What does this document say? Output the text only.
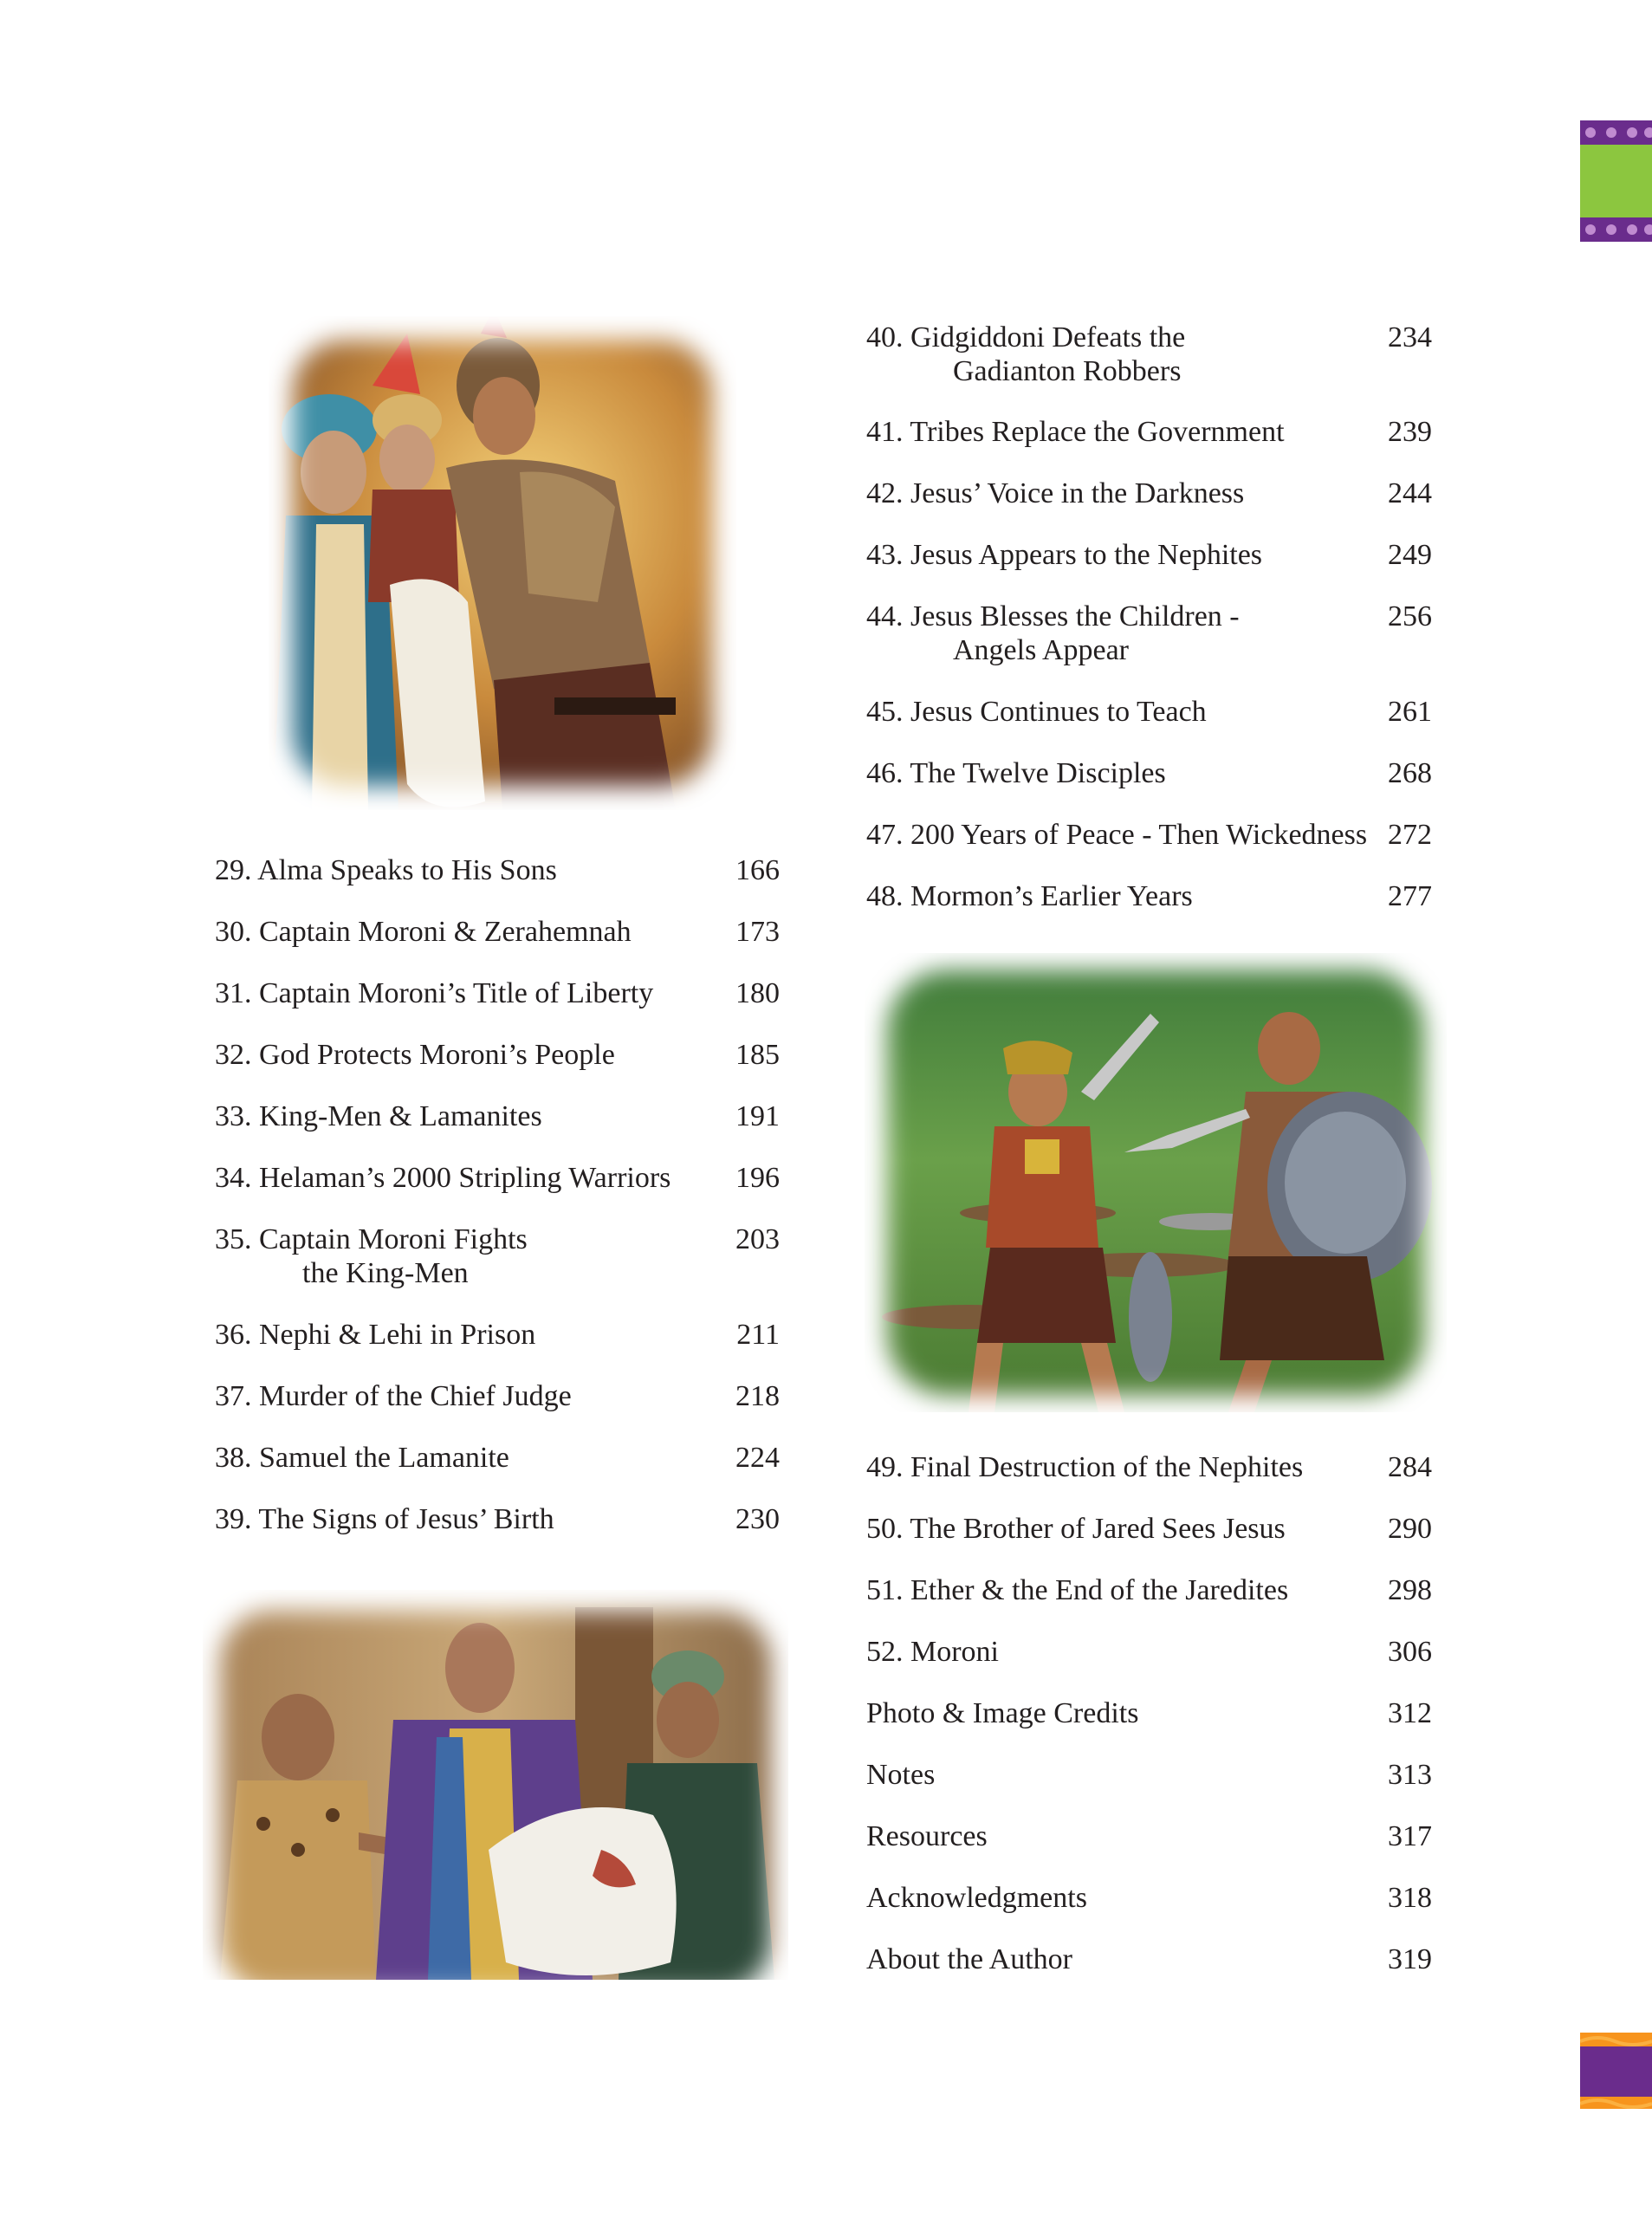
29. Alma Speaks to His Sons	166
30. Captain Moroni & Zerahemnah	173
31. Captain Moroni’s Title of Liberty	180
32. God Protects Moroni’s People	185
33. King-Men & Lamanites	191
34. Helaman’s 2000 Stripling Warriors 196
35. Captain Moroni Fights
the King-Men
203
36. Nephi & Lehi in Prison	211
37. Murder of the Chief Judge	218
38. Samuel the Lamanite	224
39. The Signs of Jesus’ Birth	230
40. Gidgiddoni Defeats the
Gadianton Robbers
234
41. Tribes Replace the Government	239
42. Jesus’ Voice in the Darkness	244
43. Jesus Appears to the Nephites	249
44. Jesus Blesses the Children -
Angels Appear
256
45. Jesus Continues to Teach	261
46. The Twelve Disciples	268
47. 200 Years of Peace - Then Wickedness 272
48. Mormon’s Earlier Years	277
49. Final Destruction of the Nephites	284
50. The Brother of Jared Sees Jesus	290
51. Ether & the End of the Jaredites	298
52. Moroni	306
Photo & Image Credits	312
Notes	313
Resources	317
Acknowledgments	318
About the Author	319
